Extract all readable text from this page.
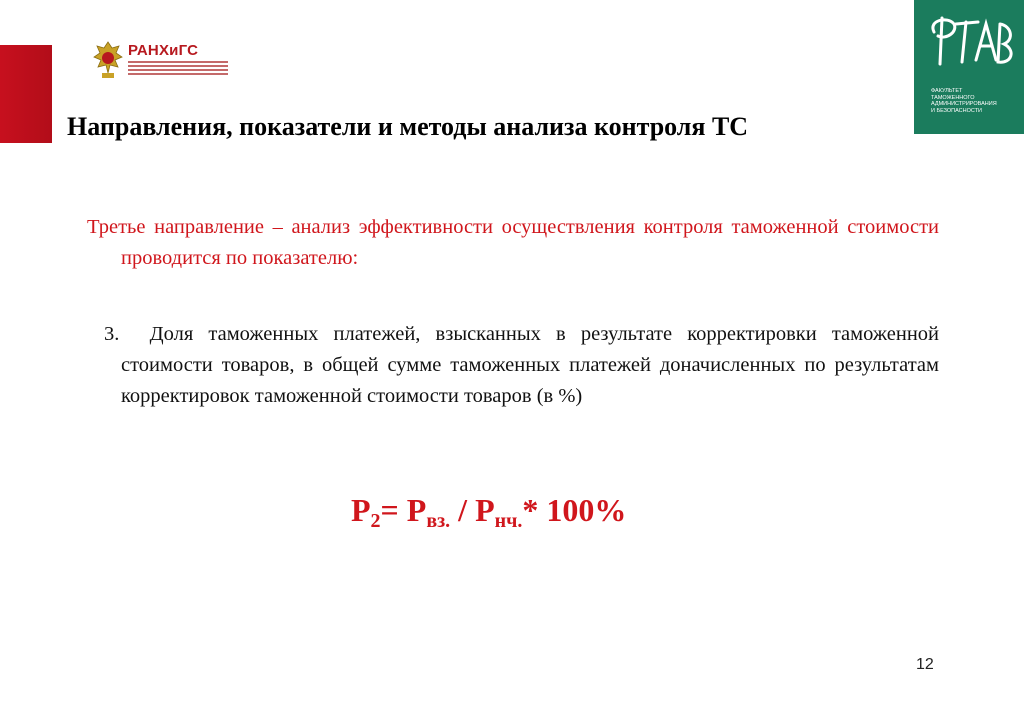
РАНХиГС
ФАКУЛЬТЕТ
ТАМОЖЕННОГО
АДМИНИСТРИРОВАНИЯ
И БЕЗОПАСНОСТИ
Направления, показатели и методы анализа контроля ТС
Третье направление – анализ эффективности осуществления контроля таможенной стоимости проводится по показателю:
3. Доля таможенных платежей, взысканных в результате корректировки таможенной стоимости товаров, в общей сумме таможенных платежей доначисленных по результатам корректировок таможенной стоимости товаров (в %)
$P_2= P_{вз.} / P_{нч.}*$ 100%
12
